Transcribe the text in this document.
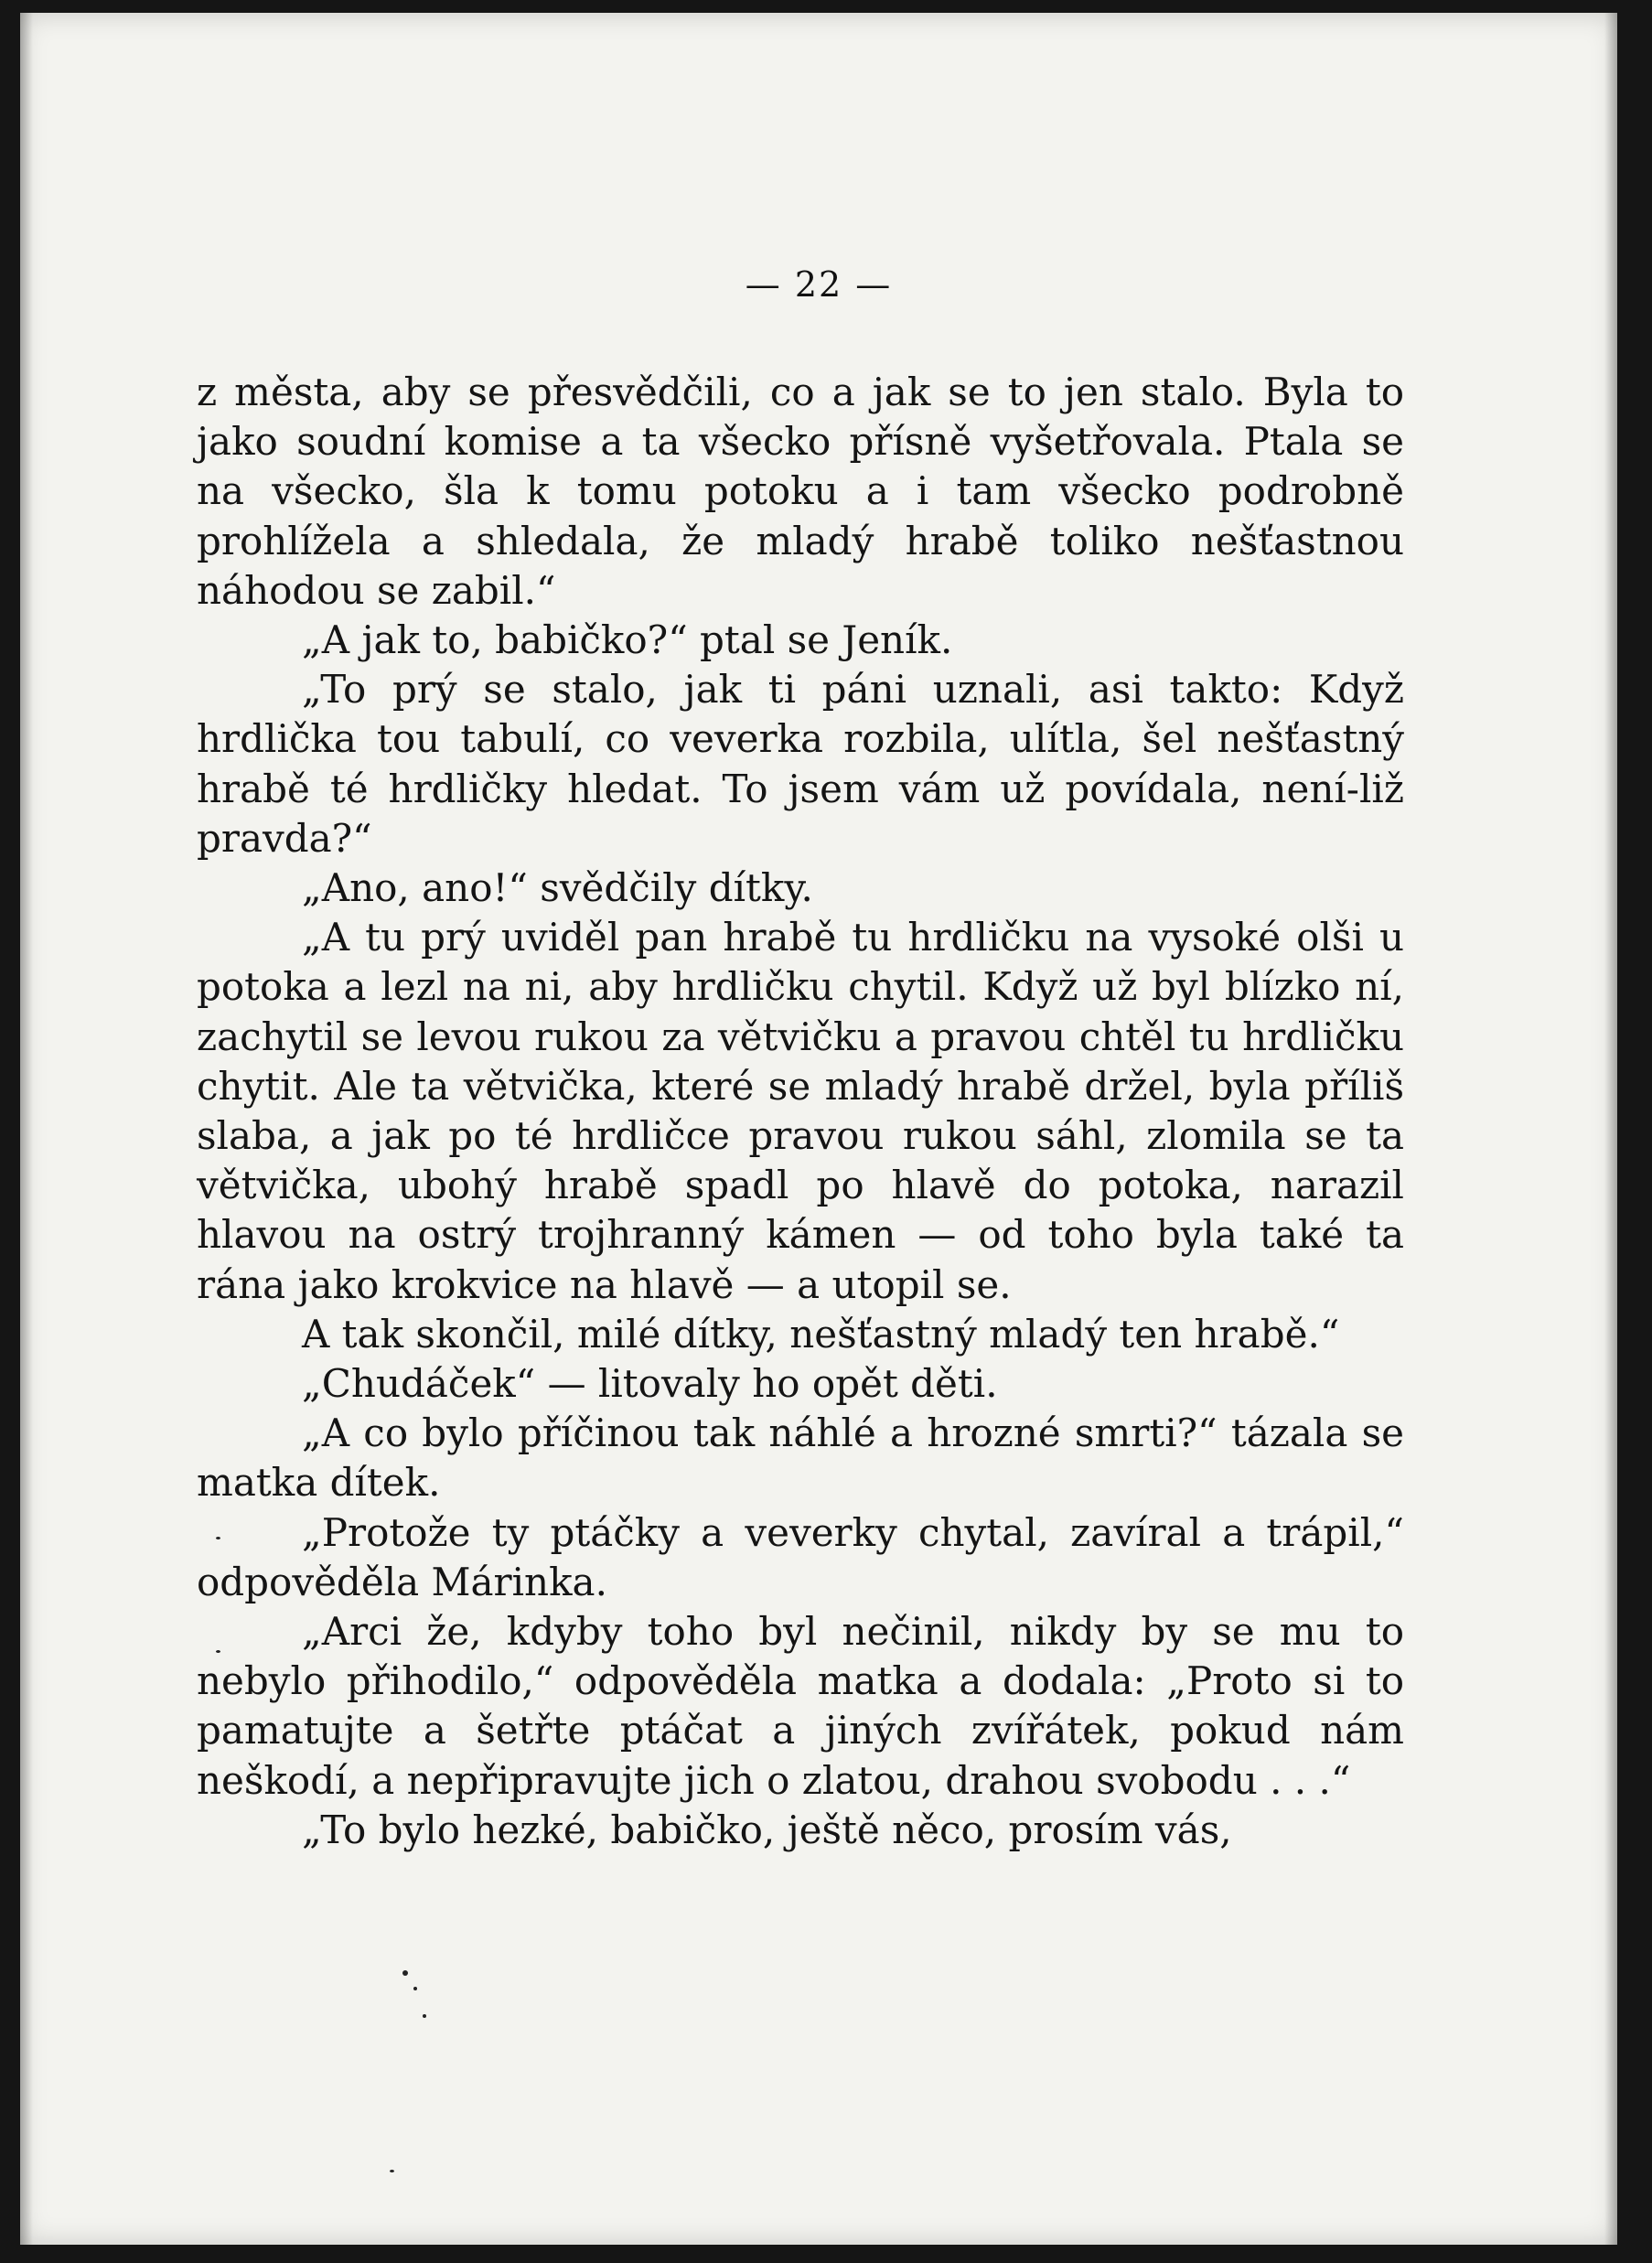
— 22 —

z města, aby se přesvědčili, co a jak se to jen stalo. Byla to jako soudní komise a ta všecko přísně vyšetřovala. Ptala se na všecko, šla k tomu potoku a i tam všecko podrobně prohlížela a shledala, že mladý hrabě toliko nešťastnou náhodou se zabil.“

„A jak to, babičko?“ ptal se Jeník.

„To prý se stalo, jak ti páni uznali, asi takto: Když hrdlička tou tabulí, co veverka rozbila, ulítla, šel nešťastný hrabě té hrdličky hledat. To jsem vám už povídala, není-liž pravda?“

„Ano, ano!“ svědčily dítky.

„A tu prý uviděl pan hrabě tu hrdličku na vysoké olši u potoka a lezl na ni, aby hrdličku chytil. Když už byl blízko ní, zachytil se levou rukou za větvičku a pravou chtěl tu hrdličku chytit. Ale ta větvička, které se mladý hrabě držel, byla příliš slaba, a jak po té hrdličce pravou rukou sáhl, zlomila se ta větvička, ubohý hrabě spadl po hlavě do potoka, narazil hlavou na ostrý trojhranný kámen — od toho byla také ta rána jako krokvice na hlavě — a utopil se.

A tak skončil, milé dítky, nešťastný mladý ten hrabě.“

„Chudáček“ — litovaly ho opět děti.

„A co bylo příčinou tak náhlé a hrozné smrti?“ tázala se matka dítek.

„Protože ty ptáčky a veverky chytal, zavíral a trápil,“ odpověděla Márinka.

„Arci že, kdyby toho byl nečinil, nikdy by se mu to nebylo přihodilo,“ odpověděla matka a dodala: „Proto si to pamatujte a šetřte ptáčat a jiných zvířátek, pokud nám neškodí, a nepřipravujte jich o zlatou, drahou svobodu . . .“

„To bylo hezké, babičko, ještě něco, prosím vás,
